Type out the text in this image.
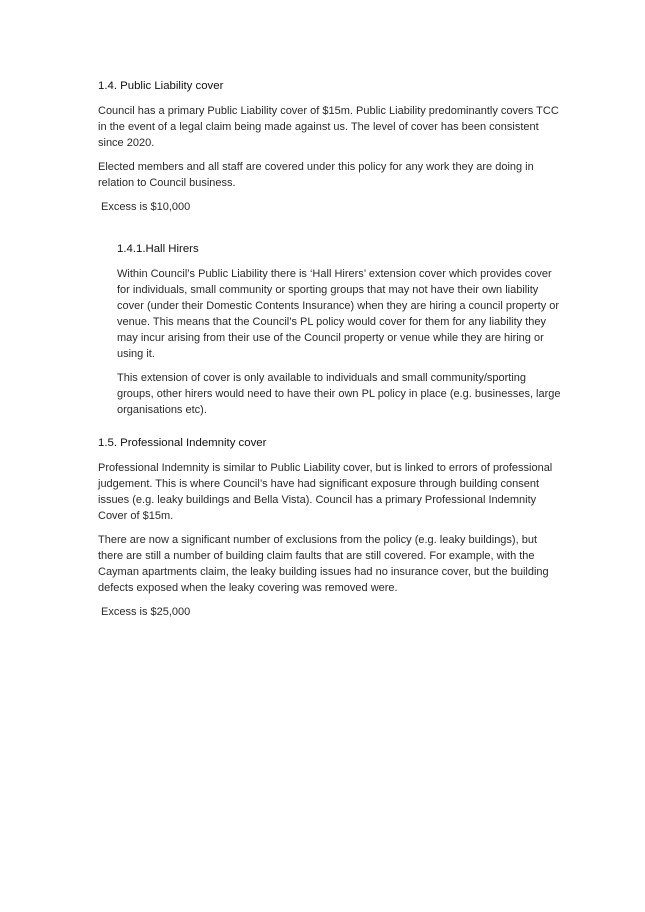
1.4. Public Liability cover

Council has a primary Public Liability cover of $15m. Public Liability predominantly covers TCC in the event of a legal claim being made against us. The level of cover has been consistent since 2020.

Elected members and all staff are covered under this policy for any work they are doing in relation to Council business.

Excess is $10,000

1.4.1.Hall Hirers

Within Council’s Public Liability there is ‘Hall Hirers’ extension cover which provides cover for individuals, small community or sporting groups that may not have their own liability cover (under their Domestic Contents Insurance) when they are hiring a council property or venue. This means that the Council’s PL policy would cover for them for any liability they may incur arising from their use of the Council property or venue while they are hiring or using it.

This extension of cover is only available to individuals and small community/sporting groups, other hirers would need to have their own PL policy in place (e.g. businesses, large organisations etc).

1.5. Professional Indemnity cover

Professional Indemnity is similar to Public Liability cover, but is linked to errors of professional judgement. This is where Council’s have had significant exposure through building consent issues (e.g. leaky buildings and Bella Vista). Council has a primary Professional Indemnity Cover of $15m.

There are now a significant number of exclusions from the policy (e.g. leaky buildings), but there are still a number of building claim faults that are still covered. For example, with the Cayman apartments claim, the leaky building issues had no insurance cover, but the building defects exposed when the leaky covering was removed were.

Excess is $25,000
